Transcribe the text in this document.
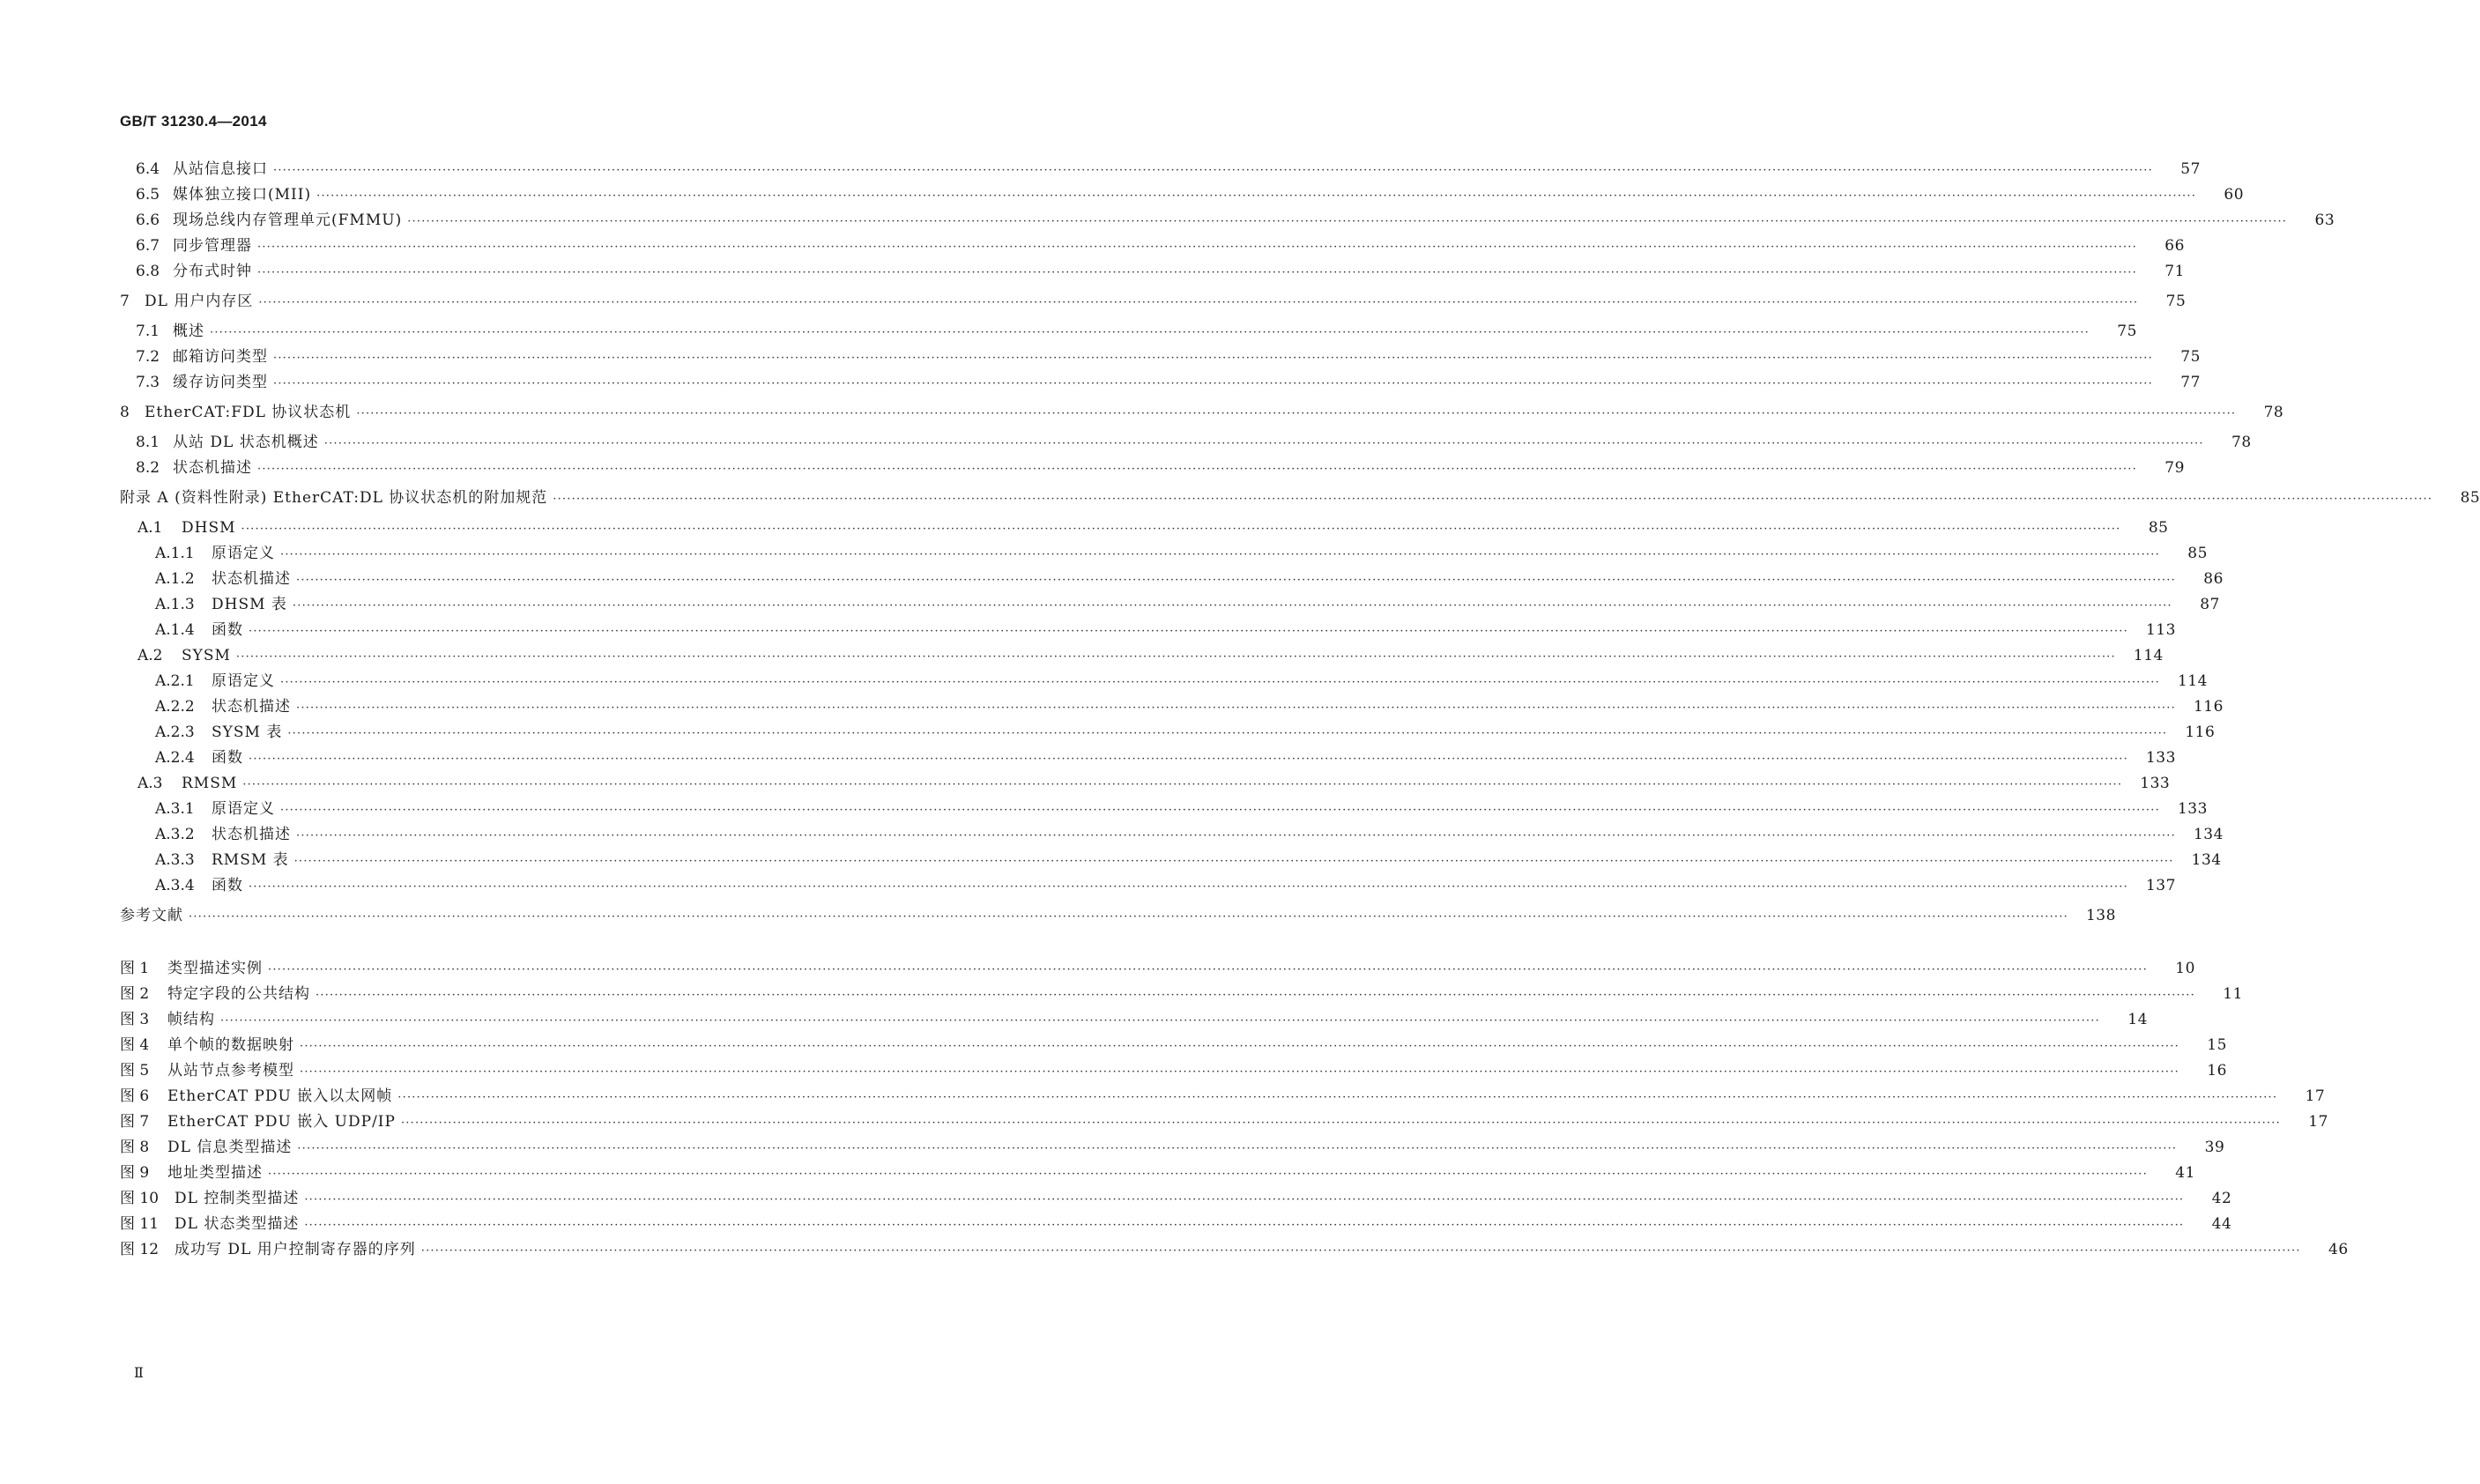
GB/T 31230.4—2014
6.4 从站信息接口 ················································································································································································································································································································································································································	57
6.5 媒体独立接口(MII) ················································································································································································································································································································································································································	60
6.6 现场总线内存管理单元(FMMU) ················································································································································································································································································································································································································	63
6.7 同步管理器 ················································································································································································································································································································································································································	66
6.8 分布式时钟 ················································································································································································································································································································································································································	71
7	DL 用户内存区 ················································································································································································································································································································································································································	75
7.1 概述 ················································································································································································································································································································································································································	75
7.2 邮箱访问类型 ················································································································································································································································································································································································································	75
7.3 缓存访问类型 ················································································································································································································································································································································································································	77
8	EtherCAT:FDL 协议状态机 ················································································································································································································································································································································································································	78
8.1 从站 DL 状态机概述 ················································································································································································································································································································································································································	78
8.2 状态机描述 ················································································································································································································································································································································································································	79
附录 A (资料性附录) EtherCAT:DL 协议状态机的附加规范 ················································································································································································································································································································································································································	85
A.1	DHSM ················································································································································································································································································································································································································	85
A.1.1	原语定义 ················································································································································································································································································································································································································	85
A.1.2	状态机描述 ················································································································································································································································································································································································································	86
A.1.3	DHSM 表 ················································································································································································································································································································································································································	87
A.1.4	函数 ················································································································································································································································································································································································································	113
A.2	SYSM ················································································································································································································································································································································································································	114
A.2.1	原语定义 ················································································································································································································································································································································································································	114
A.2.2	状态机描述 ················································································································································································································································································································································································································	116
A.2.3	SYSM 表 ················································································································································································································································································································································································································	116
A.2.4	函数 ················································································································································································································································································································································································································	133
A.3	RMSM ················································································································································································································································································································································································································	133
A.3.1	原语定义 ················································································································································································································································································································································································································	133
A.3.2	状态机描述 ················································································································································································································································································································································································································	134
A.3.3	RMSM 表 ················································································································································································································································································································································································································	134
A.3.4	函数 ················································································································································································································································································································································································································	137
参考文献 ················································································································································································································································································································································································································	138
图 1	类型描述实例 ················································································································································································································································································································································································································	10
图 2	特定字段的公共结构 ················································································································································································································································································································································································································	11
图 3	帧结构 ················································································································································································································································································································································································································	14
图 4	单个帧的数据映射 ················································································································································································································································································································································································································	15
图 5	从站节点参考模型 ················································································································································································································································································································································································································	16
图 6	EtherCAT PDU 嵌入以太网帧 ················································································································································································································································································································································································································	17
图 7	EtherCAT PDU 嵌入 UDP/IP ················································································································································································································································································································································································································	17
图 8	DL 信息类型描述 ················································································································································································································································································································································································································	39
图 9	地址类型描述 ················································································································································································································································································································································································································	41
图 10	DL 控制类型描述 ················································································································································································································································································································································································································	42
图 11	DL 状态类型描述 ················································································································································································································································································································································································································	44
图 12	成功写 DL 用户控制寄存器的序列 ················································································································································································································································································································································································································	46
Ⅱ
